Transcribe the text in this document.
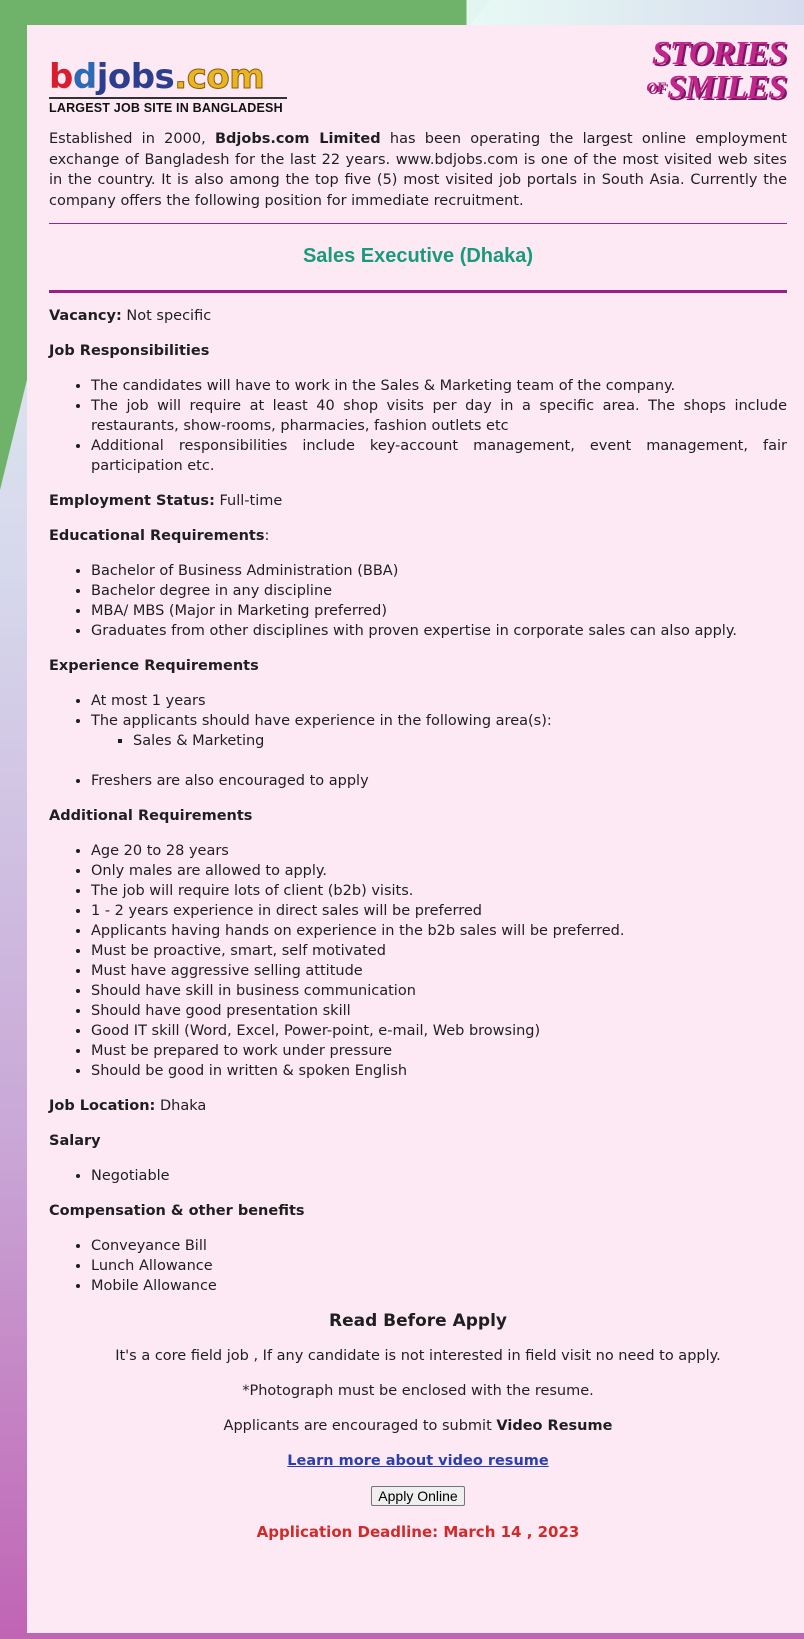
bdjobs.com
LARGEST JOB SITE IN BANGLADESH
STORIES
$^{OF}$SMILES
Established in 2000, Bdjobs.com Limited has been operating the largest online employment exchange of Bangladesh for the last 22 years. www.bdjobs.com is one of the most visited web sites in the country. It is also among the top five (5) most visited job portals in South Asia. Currently the company offers the following position for immediate recruitment.
Sales Executive (Dhaka)

Vacancy: Not specific

Job Responsibilities

• The candidates will have to work in the Sales & Marketing team of the company.
• The job will require at least 40 shop visits per day in a specific area. The shops include restaurants, show-rooms, pharmacies, fashion outlets etc
• Additional responsibilities include key-account management, event management, fair participation etc.

Employment Status: Full-time

Educational Requirements:

• Bachelor of Business Administration (BBA)
• Bachelor degree in any discipline
• MBA/ MBS (Major in Marketing preferred)
• Graduates from other disciplines with proven expertise in corporate sales can also apply.

Experience Requirements

• At most 1 years
• The applicants should have experience in the following area(s):
▪ Sales & Marketing
• Freshers are also encouraged to apply

Additional Requirements

• Age 20 to 28 years
• Only males are allowed to apply.
• The job will require lots of client (b2b) visits.
• 1 - 2 years experience in direct sales will be preferred
• Applicants having hands on experience in the b2b sales will be preferred.
• Must be proactive, smart, self motivated
• Must have aggressive selling attitude
• Should have skill in business communication
• Should have good presentation skill
• Good IT skill (Word, Excel, Power-point, e-mail, Web browsing)
• Must be prepared to work under pressure
• Should be good in written & spoken English

Job Location: Dhaka

Salary

• Negotiable

Compensation & other benefits

• Conveyance Bill
• Lunch Allowance
• Mobile Allowance

Read Before Apply

It's a core field job , If any candidate is not interested in field visit no need to apply.

*Photograph must be enclosed with the resume.

Applicants are encouraged to submit Video Resume

Learn more about video resume

Apply Online

Application Deadline: March 14 , 2023
